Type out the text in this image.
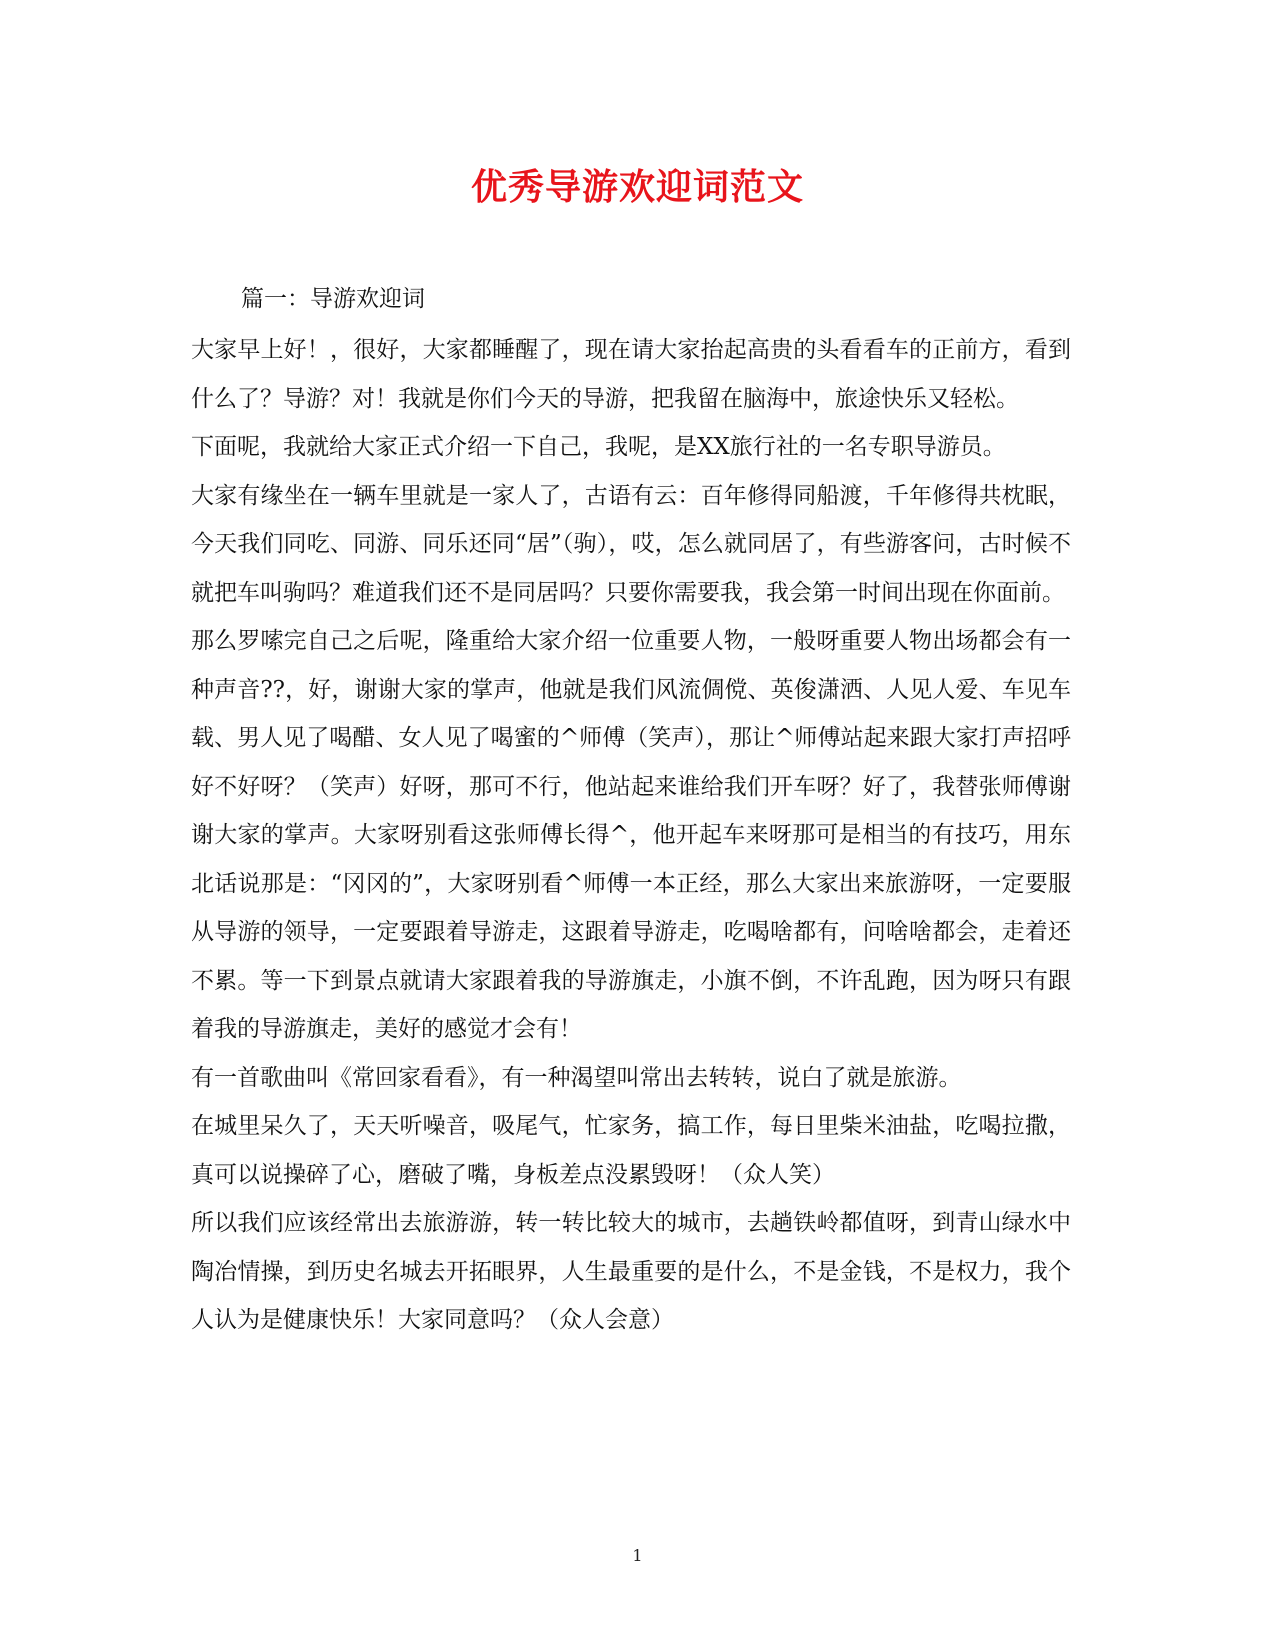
优秀导游欢迎词范文

篇一：导游欢迎词

大家早上好！，很好，大家都睡醒了，现在请大家抬起高贵的头看看车的正前方，看到什么了？导游？对！我就是你们今天的导游，把我留在脑海中，旅途快乐又轻松。

下面呢，我就给大家正式介绍一下自己，我呢，是XX旅行社的一名专职导游员。

大家有缘坐在一辆车里就是一家人了，古语有云：百年修得同船渡，千年修得共枕眠，今天我们同吃、同游、同乐还同“居”（驹），哎，怎么就同居了，有些游客问，古时候不就把车叫驹吗？难道我们还不是同居吗？只要你需要我，我会第一时间出现在你面前。

那么罗嗦完自己之后呢，隆重给大家介绍一位重要人物，一般呀重要人物出场都会有一种声音??，好，谢谢大家的掌声，他就是我们风流倜傥、英俊潇洒、人见人爱、车见车载、男人见了喝醋、女人见了喝蜜的^师傅（笑声），那让^师傅站起来跟大家打声招呼好不好呀？（笑声）好呀，那可不行，他站起来谁给我们开车呀？好了，我替张师傅谢谢大家的掌声。大家呀别看这张师傅长得^，他开起车来呀那可是相当的有技巧，用东北话说那是：“冈冈的”，大家呀别看^师傅一本正经，那么大家出来旅游呀，一定要服从导游的领导，一定要跟着导游走，这跟着导游走，吃喝啥都有，问啥啥都会，走着还不累。等一下到景点就请大家跟着我的导游旗走，小旗不倒，不许乱跑，因为呀只有跟着我的导游旗走，美好的感觉才会有！

有一首歌曲叫《常回家看看》，有一种渴望叫常出去转转，说白了就是旅游。

在城里呆久了，天天听噪音，吸尾气，忙家务，搞工作，每日里柴米油盐，吃喝拉撒，真可以说操碎了心，磨破了嘴，身板差点没累毁呀！（众人笑）

所以我们应该经常出去旅游游，转一转比较大的城市，去趟铁岭都值呀，到青山绿水中陶冶情操，到历史名城去开拓眼界，人生最重要的是什么，不是金钱，不是权力，我个人认为是健康快乐！大家同意吗？（众人会意）

1
